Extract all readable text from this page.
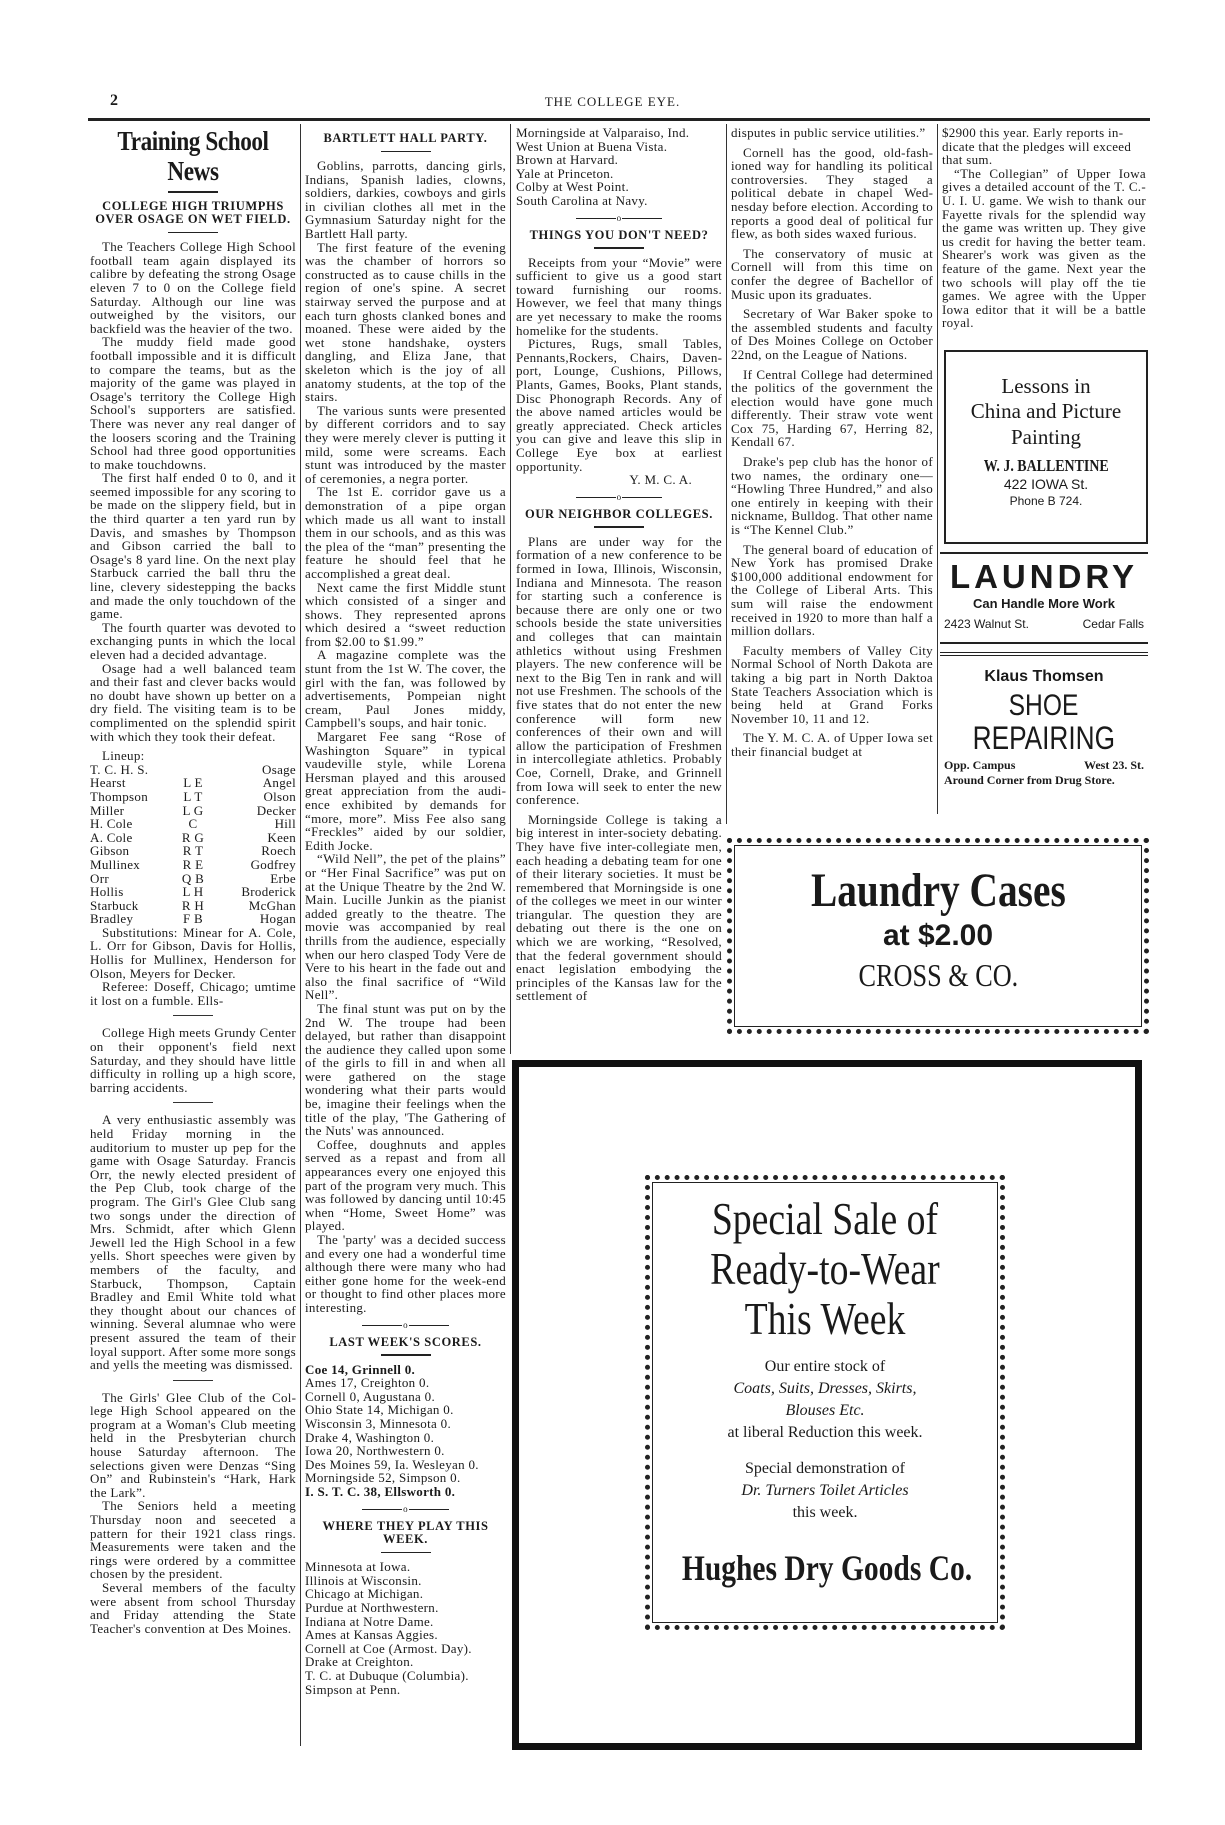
2	THE COLLEGE EYE.
Training School News
COLLEGE HIGH TRIUMPHS OVER OSAGE ON WET FIELD.

The Teachers College High School football team again displayed its calibre by defeating the strong Osage eleven 7 to 0 on the College field Saturday. Although our line was outweighed by the visitors, our backfield was the heavier of the two.

The muddy field made good football impossible and it is difficult to compare the teams, but as the majority of the game was played in Osage's territory the College High School's supporters are satisfied. There was never any real danger of the loosers scoring and the Training School had three good opportunities to make touchdowns.

The first half ended 0 to 0, and it seemed impossible for any scoring to be made on the slippery field, but in the third quarter a ten yard run by Davis, and smashes by Thompson and Gibson carried the ball to Osage's 8 yard line. On the next play Starbuck carried the ball thru the line, clevery sidestepping the backs and made the only touchdown of the game.

The fourth quarter was devoted to exchanging punts in which the local eleven had a decided advantage.

Osage had a well balanced team and their fast and clever backs would no doubt have shown up better on a dry field. The visiting team is to be complimented on the splendid spirit with which they took their defeat.

Lineup:

T. C. H. S.	Osage
Hearst	L E	Angel
Thompson	L T	Olson
Miller	L G	Decker
H. Cole	C	Hill
A. Cole	R G	Keen
Gibson	R T	Roech
Mullinex	R E	Godfrey
Orr	Q B	Erbe
Hollis	L H	Broderick
Starbuck	R H	McGhan
Bradley	F B	Hogan

Substitutions: Minear for A. Cole, L. Orr for Gibson, Davis for Hollis, Hollis for Mullinex, Henderson for Olson, Meyers for Decker.

Referee: Doseff, Chicago; umtime it lost on a fumble. Ells-

College High meets Grundy Center on their opponent's field next Saturday, and they should have little difficulty in rolling up a high score, barring accidents.

A very enthusiastic assembly was held Friday morning in the auditorium to muster up pep for the game with Osage Saturday. Francis Orr, the newly elected president of the Pep Club, took charge of the program. The Girl's Glee Club sang two songs under the direction of Mrs. Schmidt, after which Glenn Jewell led the High School in a few yells. Short speeches were given by members of the faculty, and Starbuck, Thompson, Captain Bradley and Emil White told what they thought about our chances of winning. Several alumnae who were present assured the team of their loyal support. After some more songs and yells the meeting was dismissed.

The Girls' Glee Club of the College High School appeared on the program at a Woman's Club meeting held in the Presbyterian church house Saturday afternoon. The selections given were Denzas “Sing On” and Rubinstein's “Hark, Hark the Lark”.

The Seniors held a meeting Thursday noon and seeceted a pattern for their 1921 class rings. Measurements were taken and the rings were ordered by a committee chosen by the president.

Several members of the faculty were absent from school Thursday and Friday attending the State Teacher's convention at Des Moines.

BARTLETT HALL PARTY.

Goblins, parrotts, dancing girls, Indians, Spanish ladies, clowns, soldiers, darkies, cowboys and girls in civilian clothes all met in the Gymnasium Saturday night for the Bartlett Hall party.

The first feature of the evening was the chamber of horrors so constructed as to cause chills in the region of one's spine. A secret stairway served the purpose and at each turn ghosts clanked bones and moaned. These were aided by the wet stone handshake, oysters dangling, and Eliza Jane, that skeleton which is the joy of all anatomy students, at the top of the stairs.

The various sunts were presented by different corridors and to say they were merely clever is putting it mild, some were screams. Each stunt was introduced by the master of ceremonies, a negra porter.

The 1st E. corridor gave us a demonstration of a pipe organ which made us all want to install them in our schools, and as this was the plea of the “man” presenting the feature he should feel that he accomplished a great deal.

Next came the first Middle stunt which consisted of a singer and shows. They represented aprons which desired a “sweet reduction from $2.00 to $1.99.”

A magazine complete was the stunt from the 1st W. The cover, the girl with the fan, was followed by advertisements, Pompeian night cream, Paul Jones middy, Campbell's soups, and hair tonic.

Margaret Fee sang “Rose of Washington Square” in typical vaudeville style, while Lorena Hersman played and this aroused great appreciation from the audience exhibited by demands for “more, more”. Miss Fee also sang “Freckles” aided by our soldier, Edith Jocke.

“Wild Nell”, the pet of the plains” or “Her Final Sacrifice” was put on at the Unique Theatre by the 2nd W. Main. Lucille Junkin as the pianist added greatly to the theatre. The movie was accompanied by real thrills from the audience, especially when our hero clasped Tody Vere de Vere to his heart in the fade out and also the final sacrifice of “Wild Nell”.

The final stunt was put on by the 2nd W. The troupe had been delayed, but rather than disappoint the audience they called upon some of the girls to fill in and when all were gathered on the stage wondering what their parts would be, imagine their feelings when the title of the play, 'The Gathering of the Nuts' was announced.

Coffee, doughnuts and apples served as a repast and from all appearances every one enjoyed this part of the program very much. This was followed by dancing until 10:45 when “Home, Sweet Home” was played.

The 'party' was a decided success and every one had a wonderful time although there were many who had either gone home for the week-end or thought to find other places more interesting.

o
LAST WEEK'S SCORES.

Coe 14, Grinnell 0.

Ames 17, Creighton 0.

Cornell 0, Augustana 0.

Ohio State 14, Michigan 0.

Wisconsin 3, Minnesota 0.

Drake 4, Washington 0.

Iowa 20, Northwestern 0.

Des Moines 59, Ia. Wesleyan 0.

Morningside 52, Simpson 0.

I. S. T. C. 38, Ellsworth 0.

o
WHERE THEY PLAY THIS WEEK.

Minnesota at Iowa.

Illinois at Wisconsin.

Chicago at Michigan.

Purdue at Northwestern.

Indiana at Notre Dame.

Ames at Kansas Aggies.

Cornell at Coe (Armost. Day).

Drake at Creighton.

T. C. at Dubuque (Columbia).

Simpson at Penn.

Morningside at Valparaiso, Ind.

West Union at Buena Vista.

Brown at Harvard.

Yale at Princeton.

Colby at West Point.

South Carolina at Navy.

o
THINGS YOU DON'T NEED?

Receipts from your “Movie” were sufficient to give us a good start toward furnishing our rooms. However, we feel that many things are yet necessary to make the rooms homelike for the students.

Pictures, Rugs, small Tables, Pennants,Rockers, Chairs, Davenport, Lounge, Cushions, Pillows, Plants, Games, Books, Plant stands, Disc Phonograph Records. Any of the above named articles would be greatly appreciated. Check articles you can give and leave this slip in College Eye box at earliest opportunity.

Y. M. C. A.

o
OUR NEIGHBOR COLLEGES.

Plans are under way for the formation of a new conference to be formed in Iowa, Illinois, Wisconsin, Indiana and Minnesota. The reason for starting such a conference is because there are only one or two schools beside the state universities and colleges that can maintain athletics without using Freshmen players. The new conference will be next to the Big Ten in rank and will not use Freshmen. The schools of the five states that do not enter the new conference will form new conferences of their own and will allow the participation of Freshmen in intercollegiate athletics. Probably Coe, Cornell, Drake, and Grinnell from Iowa will seek to enter the new conference.

Morningside College is taking a big interest in inter-society debating. They have five inter-collegiate men, each heading a debating team for one of their literary societies. It must be remembered that Morningside is one of the colleges we meet in our winter triangular. The question they are debating out there is the one on which we are working, “Resolved, that the federal government should enact legislation embodying the principles of the Kansas law for the settlement of

disputes in public service utilities.”

Cornell has the good, old-fashioned way for handling its political controversies. They staged a political debate in chapel Wednesday before election. According to reports a good deal of political fur flew, as both sides waxed furious.

The conservatory of music at Cornell will from this time on confer the degree of Bachellor of Music upon its graduates.

Secretary of War Baker spoke to the assembled students and faculty of Des Moines College on October 22nd, on the League of Nations.

If Central College had determined the politics of the government the election would have gone much differently. Their straw vote went Cox 75, Harding 67, Herring 82, Kendall 67.

Drake's pep club has the honor of two names, the ordinary one— “Howling Three Hundred,” and also one entirely in keeping with their nickname, Bulldog. That other name is “The Kennel Club.”

The general board of education of New York has promised Drake $100,000 additional endowment for the College of Liberal Arts. This sum will raise the endowment received in 1920 to more than half a million dollars.

Faculty members of Valley City Normal School of North Dakota are taking a big part in North Daktoa State Teachers Association which is being held at Grand Forks November 10, 11 and 12.

The Y. M. C. A. of Upper Iowa set their financial budget at

$2900 this year. Early reports indicate that the pledges will exceed that sum.

“The Collegian” of Upper Iowa gives a detailed account of the T. C.-U. I. U. game. We wish to thank our Fayette rivals for the splendid way the game was written up. They give us credit for having the better team. Shearer's work was given as the feature of the game. Next year the two schools will play off the tie games. We agree with the Upper Iowa editor that it will be a battle royal.

Lessons in
China and Picture
Painting
W. J. BALLENTINE
422 IOWA St.
Phone B 724.
LAUNDRY
Can Handle More Work
2423 Walnut St.	Cedar Falls
Klaus Thomsen
SHOE
REPAIRING
Opp. Campus	West 23. St.
Around Corner from Drug Store.
Laundry Cases
at $2.00
CROSS & CO.
Special Sale of
Ready-to-Wear
This Week
Our entire stock of
Coats, Suits, Dresses, Skirts,
Blouses Etc.
at liberal Reduction this week.
Special demonstration of
Dr. Turners Toilet Articles
this week.
Hughes Dry Goods Co.
